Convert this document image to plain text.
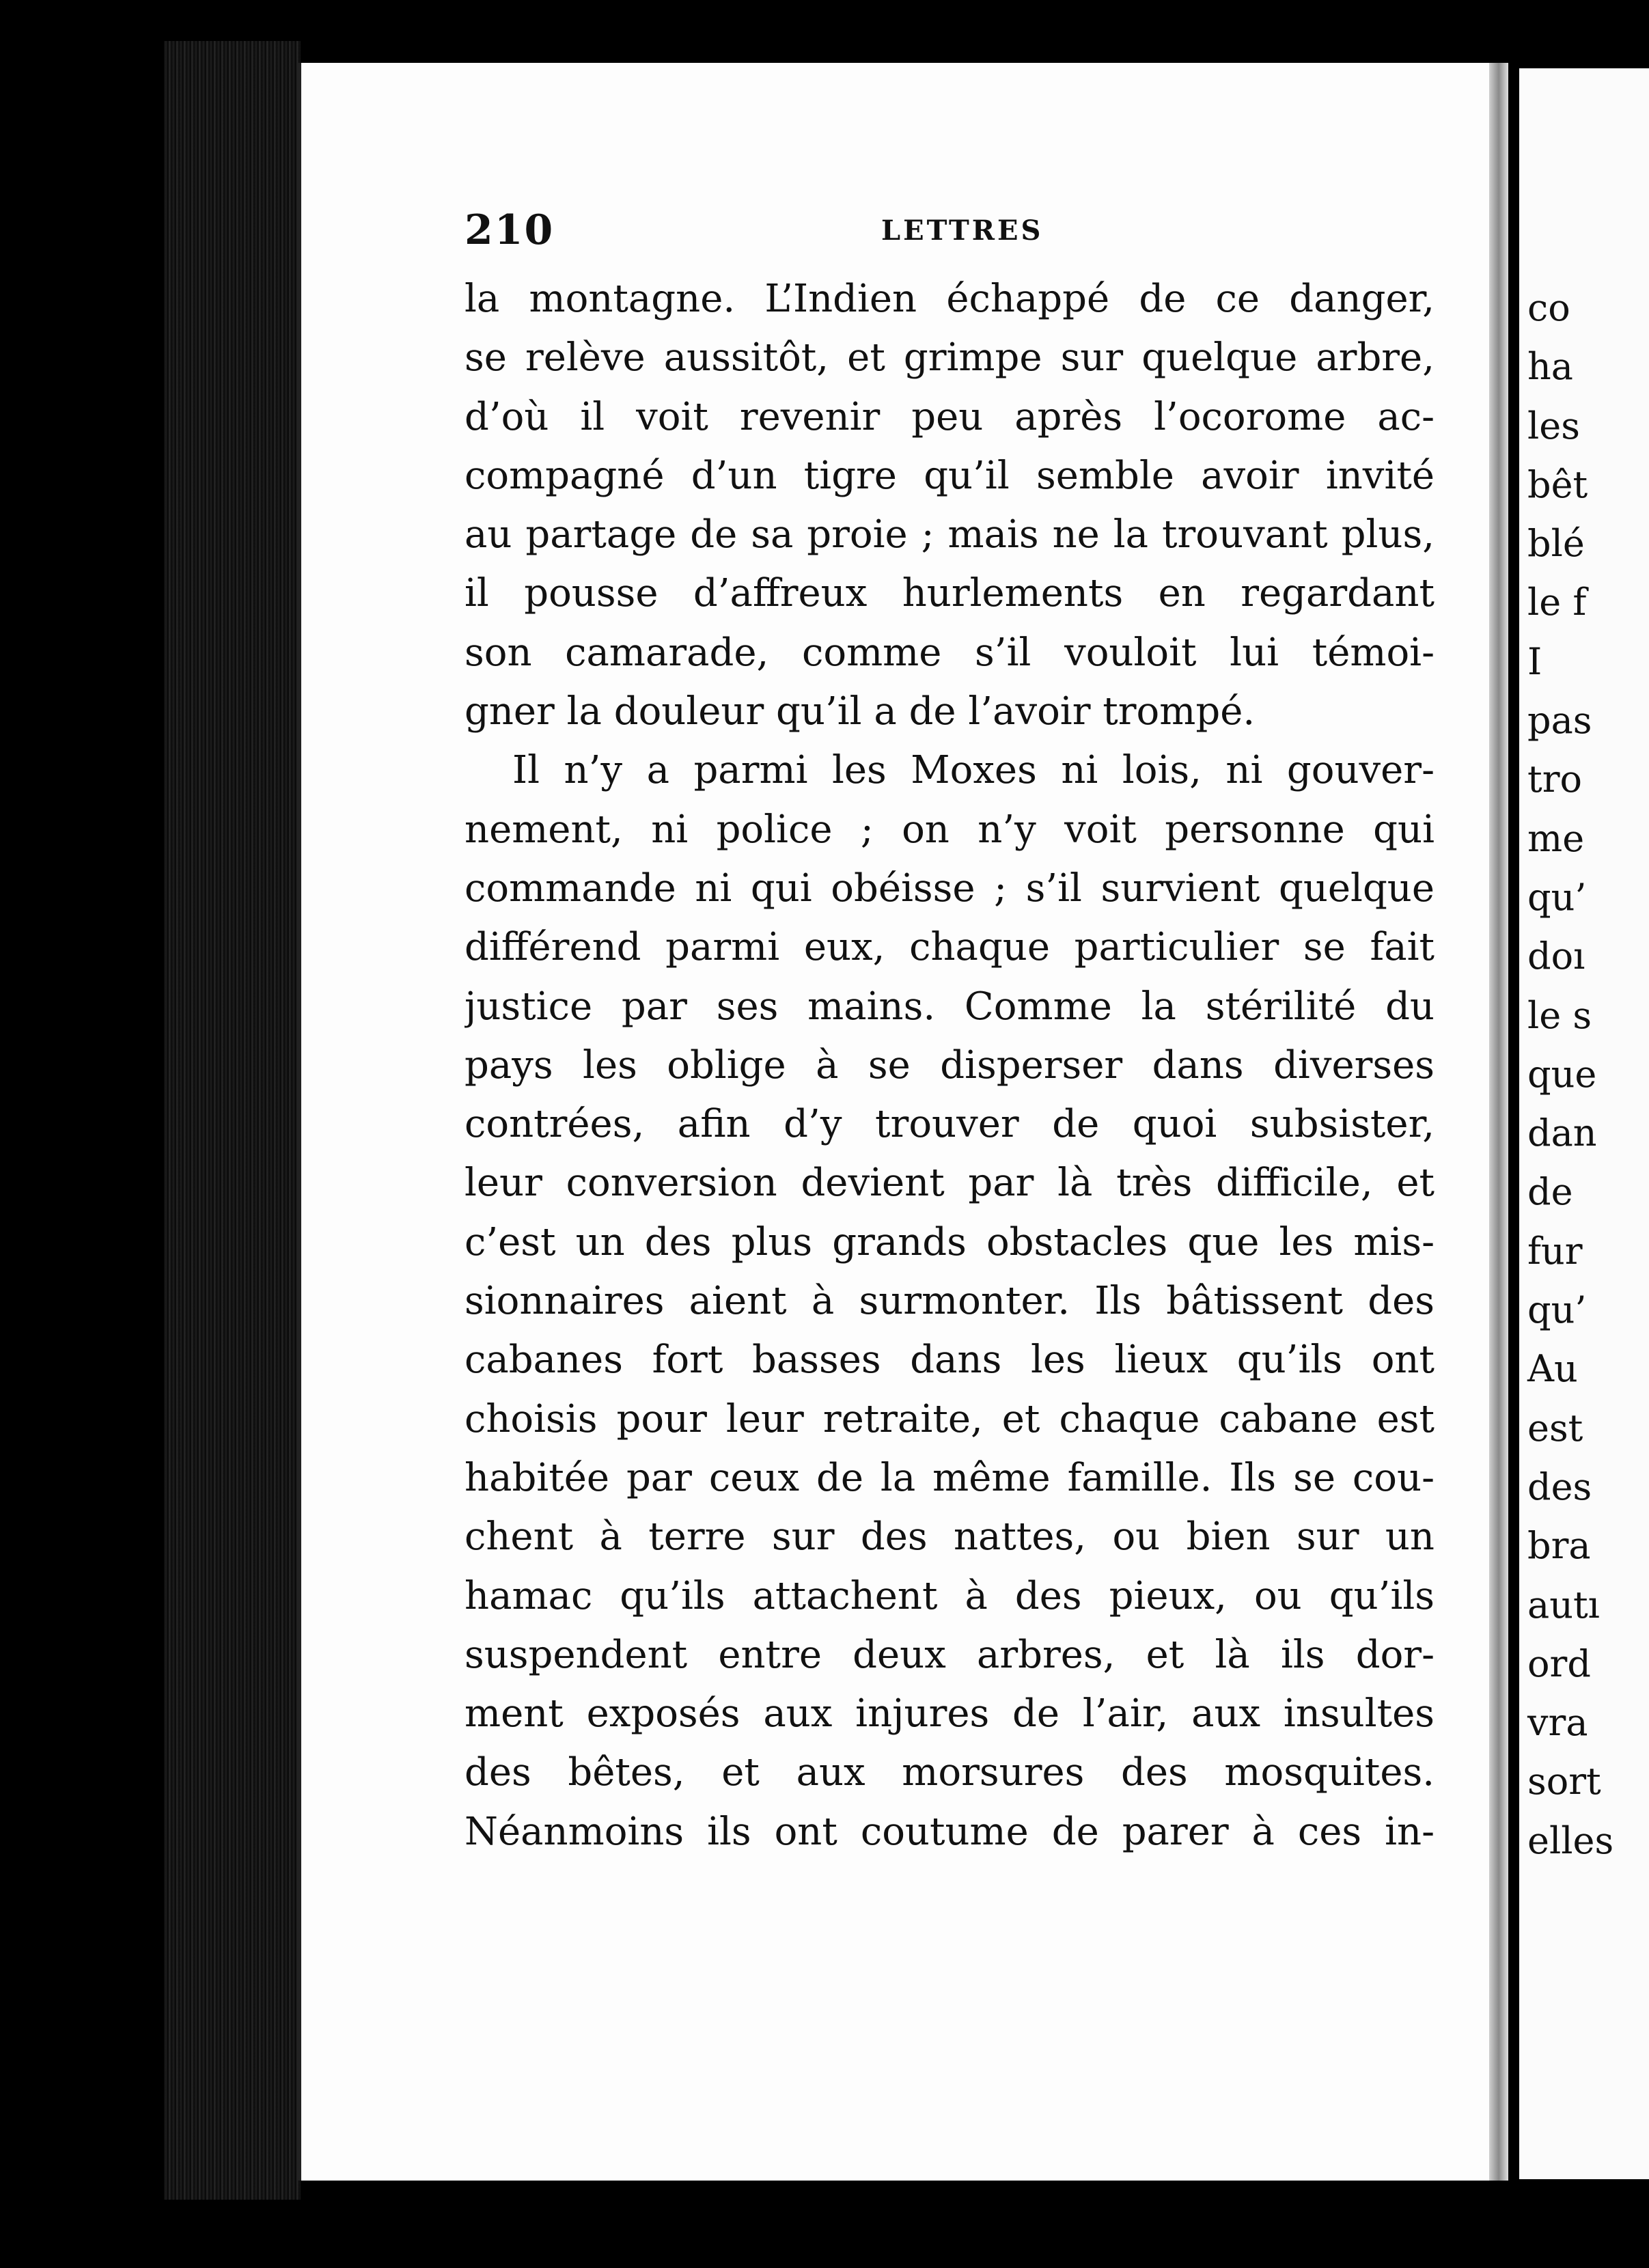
210	LETTRES
la montagne. L’Indien échappé de ce danger,
se relève aussitôt, et grimpe sur quelque arbre,
d’où il voit revenir peu après l’ocorome ac-
compagné d’un tigre qu’il semble avoir invité
au partage de sa proie ; mais ne la trouvant plus,
il pousse d’affreux hurlements en regardant
son camarade, comme s’il vouloit lui témoi-
gner la douleur qu’il a de l’avoir trompé.
Il n’y a parmi les Moxes ni lois, ni gouver-
nement, ni police ; on n’y voit personne qui
commande ni qui obéisse ; s’il survient quelque
différend parmi eux, chaque particulier se fait
justice par ses mains. Comme la stérilité du
pays les oblige à se disperser dans diverses
contrées, afin d’y trouver de quoi subsister,
leur conversion devient par là très difficile, et
c’est un des plus grands obstacles que les mis-
sionnaires aient à surmonter. Ils bâtissent des
cabanes fort basses dans les lieux qu’ils ont
choisis pour leur retraite, et chaque cabane est
habitée par ceux de la même famille. Ils se cou-
chent à terre sur des nattes, ou bien sur un
hamac qu’ils attachent à des pieux, ou qu’ils
suspendent entre deux arbres, et là ils dor-
ment exposés aux injures de l’air, aux insultes
des bêtes, et aux morsures des mosquites.
Néanmoins ils ont coutume de parer à ces in-
co
ha
les
bêt
blé
le f
I
pas
tro
me
qu’
doı
le s
que
dan
de
fur
qu’
Au
est
des
bra
autı
ord
vra
sort
elles
